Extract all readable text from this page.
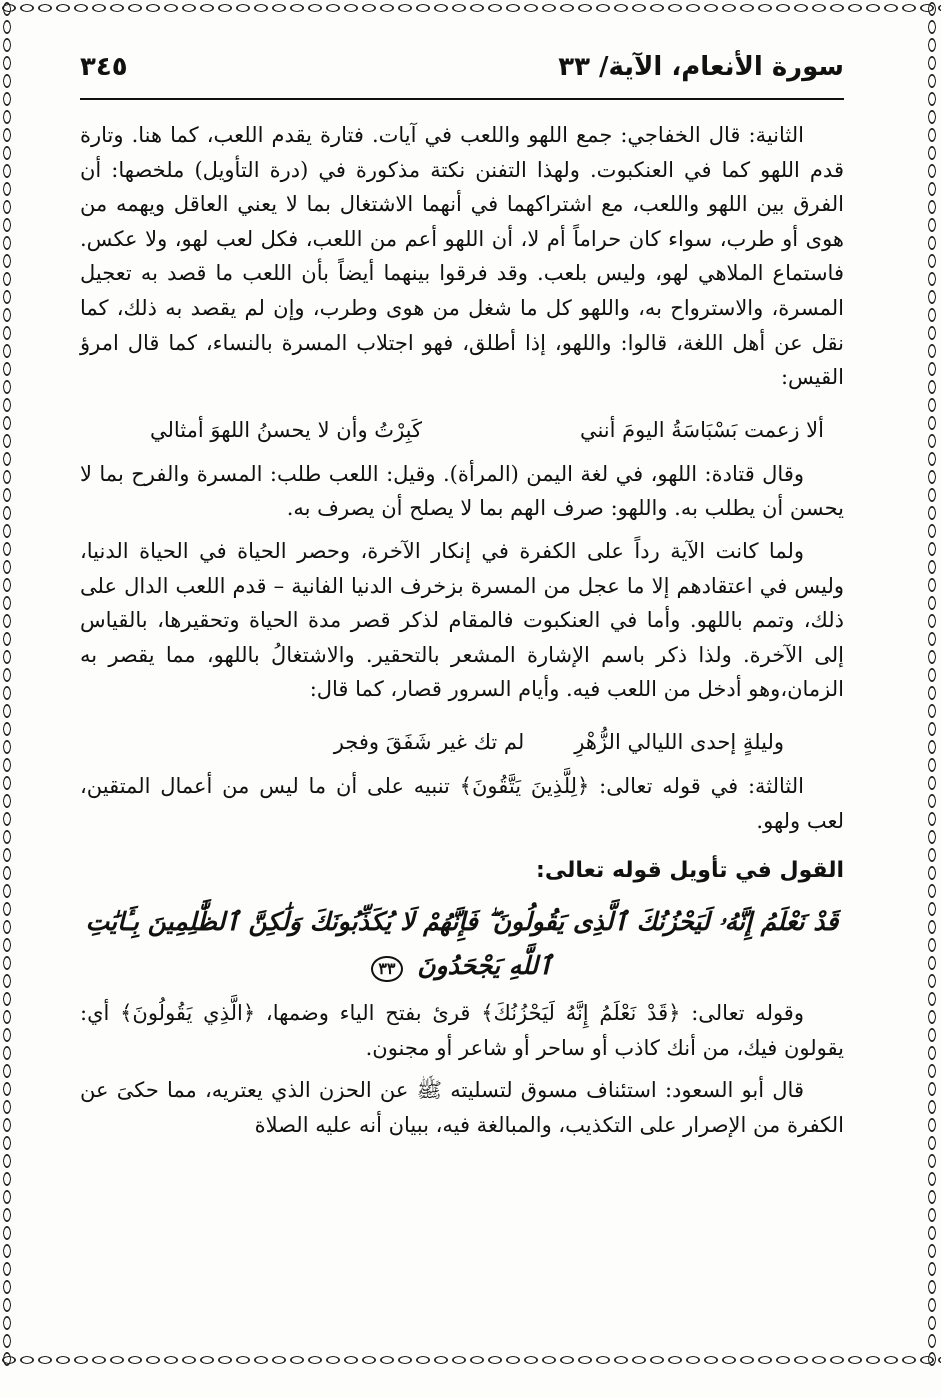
سورة الأنعام، الآية/ ٣٣
٣٤٥

الثانية: قال الخفاجي: جمع اللهو واللعب في آيات. فتارة يقدم اللعب، كما هنا. وتارة قدم اللهو كما في العنكبوت. ولهذا التفنن نكتة مذكورة في (درة التأويل) ملخصها: أن الفرق بين اللهو واللعب، مع اشتراكهما في أنهما الاشتغال بما لا يعني العاقل ويهمه من هوى أو طرب، سواء كان حراماً أم لا، أن اللهو أعم من اللعب، فكل لعب لهو، ولا عكس. فاستماع الملاهي لهو، وليس بلعب. وقد فرقوا بينهما أيضاً بأن اللعب ما قصد به تعجيل المسرة، والاسترواح به، واللهو كل ما شغل من هوى وطرب، وإن لم يقصد به ذلك، كما نقل عن أهل اللغة، قالوا: واللهو، إذا أطلق، فهو اجتلاب المسرة بالنساء، كما قال امرؤ القيس:

ألا زعمت بَسْبَاسَةُ اليومَ أنني
كَبِرْتُ وأن لا يحسنُ اللهوَ أمثالي

وقال قتادة: اللهو، في لغة اليمن (المرأة). وقيل: اللعب طلب: المسرة والفرح بما لا يحسن أن يطلب به. واللهو: صرف الهم بما لا يصلح أن يصرف به.

ولما كانت الآية رداً على الكفرة في إنكار الآخرة، وحصر الحياة في الحياة الدنيا، وليس في اعتقادهم إلا ما عجل من المسرة بزخرف الدنيا الفانية – قدم اللعب الدال على ذلك، وتمم باللهو. وأما في العنكبوت فالمقام لذكر قصر مدة الحياة وتحقيرها، بالقياس إلى الآخرة. ولذا ذكر باسم الإشارة المشعر بالتحقير. والاشتغالُ باللهو، مما يقصر به الزمان،وهو أدخل من اللعب فيه. وأيام السرور قصار، كما قال:

وليلةٍ إحدى الليالي الزُّهْرِ
لم تك غير شَفَقَ وفجر

الثالثة: في قوله تعالى: ﴿لِلَّذِينَ يَتَّقُونَ﴾ تنبيه على أن ما ليس من أعمال المتقين، لعب ولهو.

القول في تأويل قوله تعالى:
قَدْ نَعْلَمُ إِنَّهُۥ لَيَحْزُنُكَ ٱلَّذِى يَقُولُونَ ۖ فَإِنَّهُمْ لَا يُكَذِّبُونَكَ وَلَٰكِنَّ ٱلظَّٰلِمِينَ بِـَٔايَٰتِ ٱللَّهِ يَجْحَدُونَ ٣٣

وقوله تعالى: ﴿قَدْ نَعْلَمُ إِنَّهُ لَيَحْزُنُكَ﴾ قرئ بفتح الياء وضمها، ﴿الَّذِي يَقُولُونَ﴾ أي: يقولون فيك، من أنك كاذب أو ساحر أو شاعر أو مجنون.

قال أبو السعود: استئناف مسوق لتسليته ﷺ عن الحزن الذي يعتريه، مما حكىَ عن الكفرة من الإصرار على التكذيب، والمبالغة فيه، ببيان أنه عليه الصلاة
